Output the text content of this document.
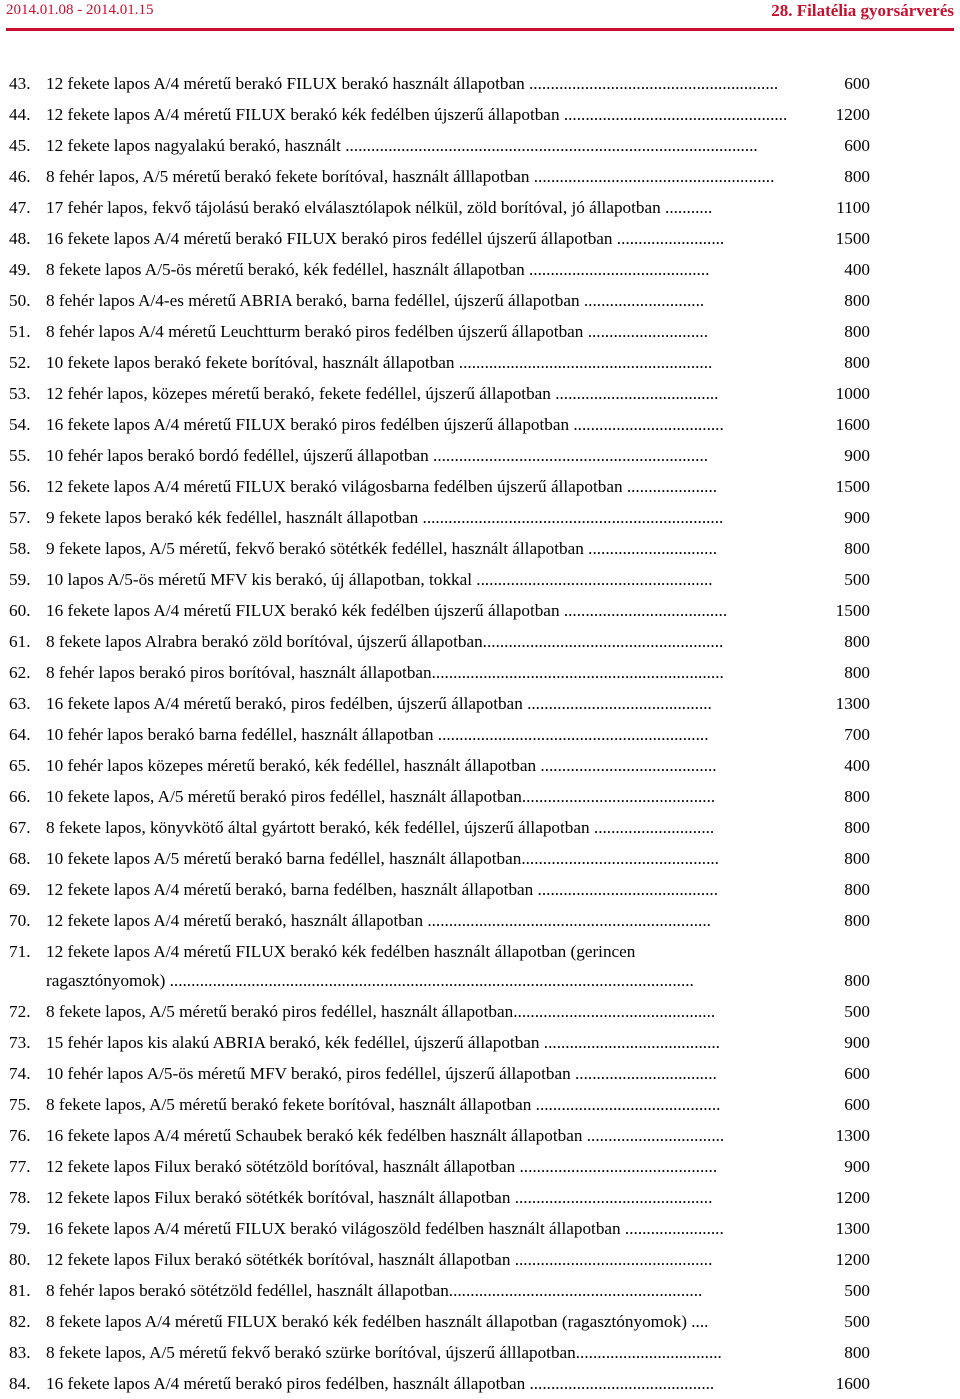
2014.01.08 - 2014.01.15	28. Filatélia gyorsárverés
43. 12 fekete lapos A/4 méretű berakó FILUX berakó használt állapotban ..........................................................	600
44. 12 fekete lapos A/4 méretű FILUX berakó kék fedélben újszerű állapotban ....................................................	1200
45. 12 fekete lapos nagyalakú berakó, használt ................................................................................................	600
46. 8 fehér lapos, A/5 méretű berakó fekete borítóval, használt álllapotban ........................................................	800
47. 17 fehér lapos, fekvő tájolású berakó elválasztólapok nélkül, zöld borítóval, jó állapotban ...........	1100
48. 16 fekete lapos A/4 méretű berakó FILUX berakó piros fedéllel újszerű állapotban .........................	1500
49. 8 fekete lapos A/5-ös méretű berakó, kék fedéllel, használt állapotban ..........................................	400
50. 8 fehér lapos A/4-es méretű ABRIA berakó, barna fedéllel, újszerű állapotban ............................	800
51. 8 fehér lapos A/4 méretű Leuchtturm berakó piros fedélben újszerű állapotban ............................	800
52. 10 fekete lapos berakó fekete borítóval, használt állapotban ...........................................................	800
53. 12 fehér lapos, közepes méretű berakó, fekete fedéllel, újszerű állapotban ......................................	1000
54. 16 fekete lapos A/4 méretű FILUX berakó piros fedélben újszerű állapotban ...................................	1600
55. 10 fehér lapos berakó bordó fedéllel, újszerű állapotban ................................................................	900
56. 12 fekete lapos A/4 méretű FILUX berakó világosbarna fedélben újszerű állapotban .....................	1500
57. 9 fekete lapos berakó kék fedéllel, használt állapotban ......................................................................	900
58. 9 fekete lapos, A/5 méretű, fekvő berakó sötétkék fedéllel, használt állapotban ..............................	800
59. 10 lapos A/5-ös méretű MFV kis berakó, új állapotban, tokkal .......................................................	500
60. 16 fekete lapos A/4 méretű FILUX berakó kék fedélben újszerű állapotban ......................................	1500
61. 8 fekete lapos Alrabra berakó zöld borítóval, újszerű állapotban........................................................	800
62. 8 fehér lapos berakó piros borítóval, használt állapotban....................................................................	800
63. 16 fekete lapos A/4 méretű berakó, piros fedélben, újszerű állapotban ...........................................	1300
64. 10 fehér lapos berakó barna fedéllel, használt állapotban ...............................................................	700
65. 10 fehér lapos közepes méretű berakó, kék fedéllel, használt állapotban .........................................	400
66. 10 fekete lapos, A/5 méretű berakó piros fedéllel, használt állapotban.............................................	800
67. 8 fekete lapos, könyvkötő által gyártott berakó, kék fedéllel, újszerű állapotban ............................	800
68. 10 fekete lapos A/5 méretű berakó barna fedéllel, használt állapotban..............................................	800
69. 12 fekete lapos A/4 méretű berakó, barna fedélben, használt állapotban ..........................................	800
70. 12 fekete lapos A/4 méretű berakó, használt állapotban ..................................................................	800
71. 12 fekete lapos A/4 méretű FILUX berakó kék fedélben használt állapotban (gerincen
ragasztónyomok) ..........................................................................................................................	800
72. 8 fekete lapos, A/5 méretű berakó piros fedéllel, használt állapotban...............................................	500
73. 15 fehér lapos kis alakú ABRIA berakó, kék fedéllel, újszerű állapotban .........................................	900
74. 10 fehér lapos A/5-ös méretű MFV berakó, piros fedéllel, újszerű állapotban .................................	600
75. 8 fekete lapos, A/5 méretű berakó fekete borítóval, használt állapotban ...........................................	600
76. 16 fekete lapos A/4 méretű Schaubek berakó kék fedélben használt állapotban ................................	1300
77. 12 fekete lapos Filux berakó sötétzöld borítóval, használt állapotban ..............................................	900
78. 12 fekete lapos Filux berakó sötétkék borítóval, használt állapotban ..............................................	1200
79. 16 fekete lapos A/4 méretű FILUX berakó világoszöld fedélben használt állapotban .......................	1300
80. 12 fekete lapos Filux berakó sötétkék borítóval, használt állapotban ..............................................	1200
81. 8 fehér lapos berakó sötétzöld fedéllel, használt állapotban...........................................................	500
82. 8 fekete lapos A/4 méretű FILUX berakó kék fedélben használt állapotban (ragasztónyomok) ....	500
83. 8 fekete lapos, A/5 méretű fekvő berakó szürke borítóval, újszerű álllapotban..................................	800
84. 16 fekete lapos A/4 méretű berakó piros fedélben, használt állapotban ...........................................	1600
